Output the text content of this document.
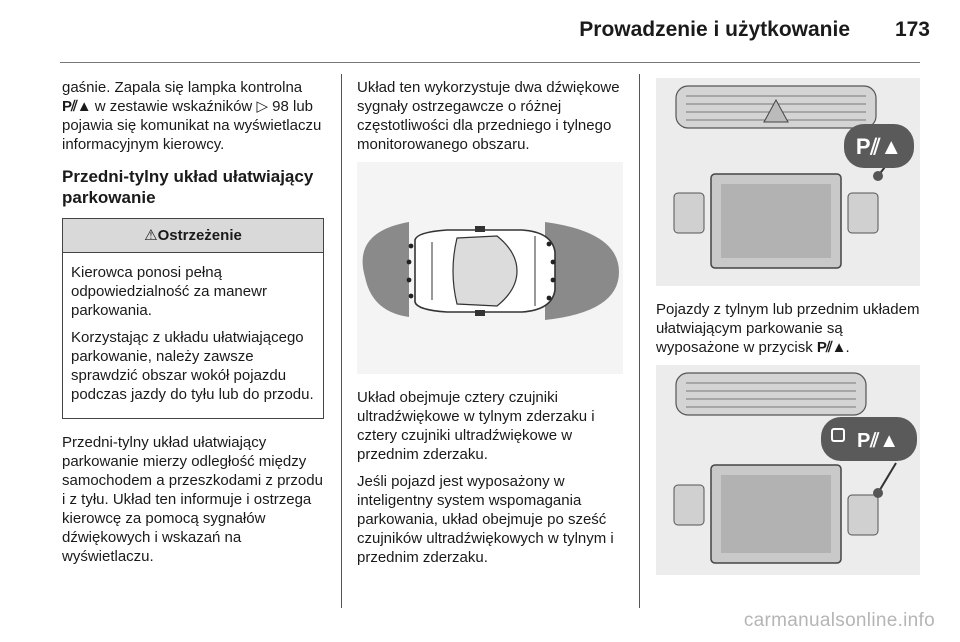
Prowadzenie i użytkowanie	173

gaśnie. Zapala się lampka kontrolna P⫽▲ w zestawie wskaźników ▷ 98 lub pojawia się komunikat na wyświetlaczu informacyjnym kierowcy.

Przedni-tylny układ ułatwiający parkowanie
⚠Ostrzeżenie

Kierowca ponosi pełną odpowiedzialność za manewr parkowania.

Korzystając z układu ułatwiającego parkowanie, należy zawsze sprawdzić obszar wokół pojazdu podczas jazdy do tyłu lub do przodu.

Przedni-tylny układ ułatwiający parkowanie mierzy odległość między samochodem a przeszkodami z przodu i z tyłu. Układ ten informuje i ostrzega kierowcę za pomocą sygnałów dźwiękowych i wskazań na wyświetlaczu.

Układ ten wykorzystuje dwa dźwiękowe sygnały ostrzegawcze o różnej częstotliwości dla przedniego i tylnego monitorowanego obszaru.

Układ obejmuje cztery czujniki ultradźwiękowe w tylnym zderzaku i cztery czujniki ultradźwiękowe w przednim zderzaku.

Jeśli pojazd jest wyposażony w inteligentny system wspomagania parkowania, układ obejmuje po sześć czujników ultradźwiękowych w tylnym i przednim zderzaku.

P⫽▲

Pojazdy z tylnym lub przednim układem ułatwiającym parkowanie są wyposażone w przycisk P⫽▲.

P⫽▲
carmanualsonline.info
